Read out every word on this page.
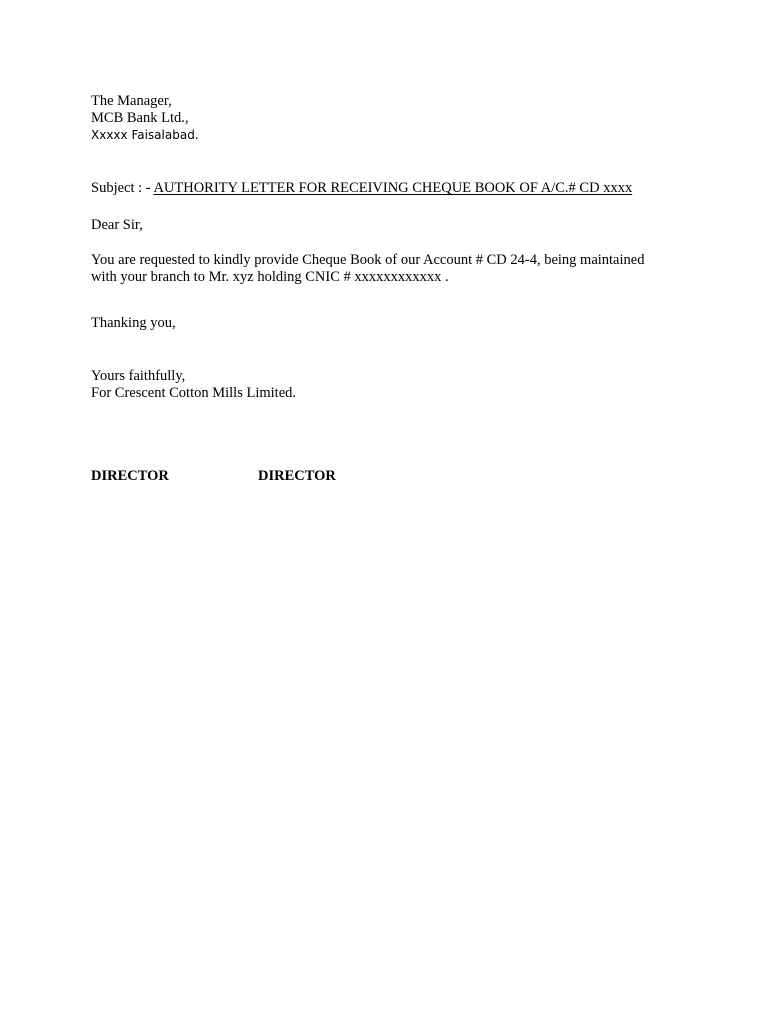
The Manager,
MCB Bank Ltd.,
Xxxxx Faisalabad.
Subject : - AUTHORITY LETTER FOR RECEIVING CHEQUE BOOK OF A/C.# CD xxxx
Dear Sir,
You are requested to kindly provide Cheque Book of our Account # CD 24-4, being maintained
with your branch to Mr. xyz holding CNIC # xxxxxxxxxxxx .
Thanking you,
Yours faithfully,
For Crescent Cotton Mills Limited.
DIRECTOR	DIRECTOR
